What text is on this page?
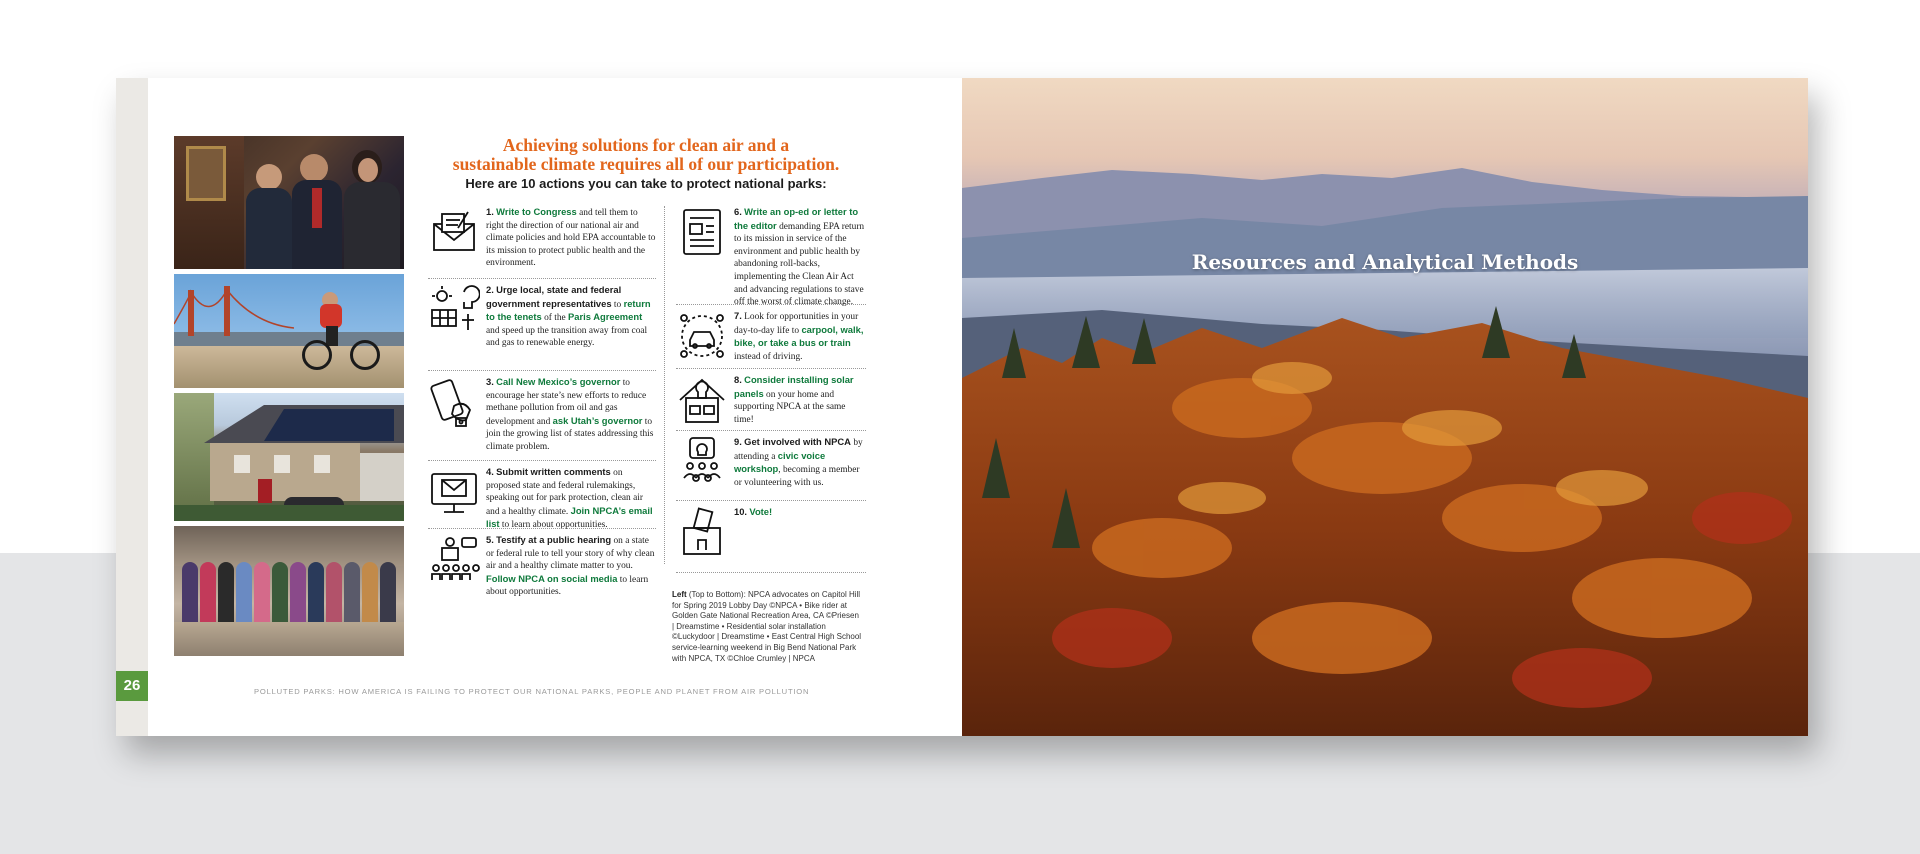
Achieving solutions for clean air and a
sustainable climate requires all of our participation.
Here are 10 actions you can take to protect national parks:
1. Write to Congress and tell them to right the direction of our national air and climate policies and hold EPA accountable to its mission to protect public health and the environment.
2. Urge local, state and federal government representatives to return to the tenets of the Paris Agreement and speed up the transition away from coal and gas to renewable energy.
3. Call New Mexico’s governor to encourage her state’s new efforts to reduce methane pollution from oil and gas development and ask Utah’s governor to join the growing list of states addressing this climate problem.
4. Submit written comments on proposed state and federal rulemakings, speaking out for park protection, clean air and a healthy climate. Join NPCA’s email list to learn about opportunities.
5. Testify at a public hearing on a state or federal rule to tell your story of why clean air and a healthy climate matter to you. Follow NPCA on social media to learn about opportunities.
6. Write an op-ed or letter to the editor demanding EPA return to its mission in service of the environment and public health by abandoning roll-backs, implementing the Clean Air Act and advancing regulations to stave off the worst of climate change.
7. Look for opportunities in your day-to-day life to carpool, walk, bike, or take a bus or train instead of driving.
8. Consider installing solar panels on your home and supporting NPCA at the same time!
9. Get involved with NPCA by attending a civic voice workshop, becoming a member or volunteering with us.
10. Vote!
Left (Top to Bottom): NPCA advocates on Capitol Hill for Spring 2019 Lobby Day ©NPCA • Bike rider at Golden Gate National Recreation Area, CA ©Priesen | Dreamstime • Residential solar installation ©Luckydoor | Dreamstime • East Central High School service-learning weekend in Big Bend National Park with NPCA, TX ©Chloe Crumley | NPCA
26	POLLUTED PARKS: HOW AMERICA IS FAILING TO PROTECT OUR NATIONAL PARKS, PEOPLE AND PLANET FROM AIR POLLUTION
Resources and Analytical Methods
